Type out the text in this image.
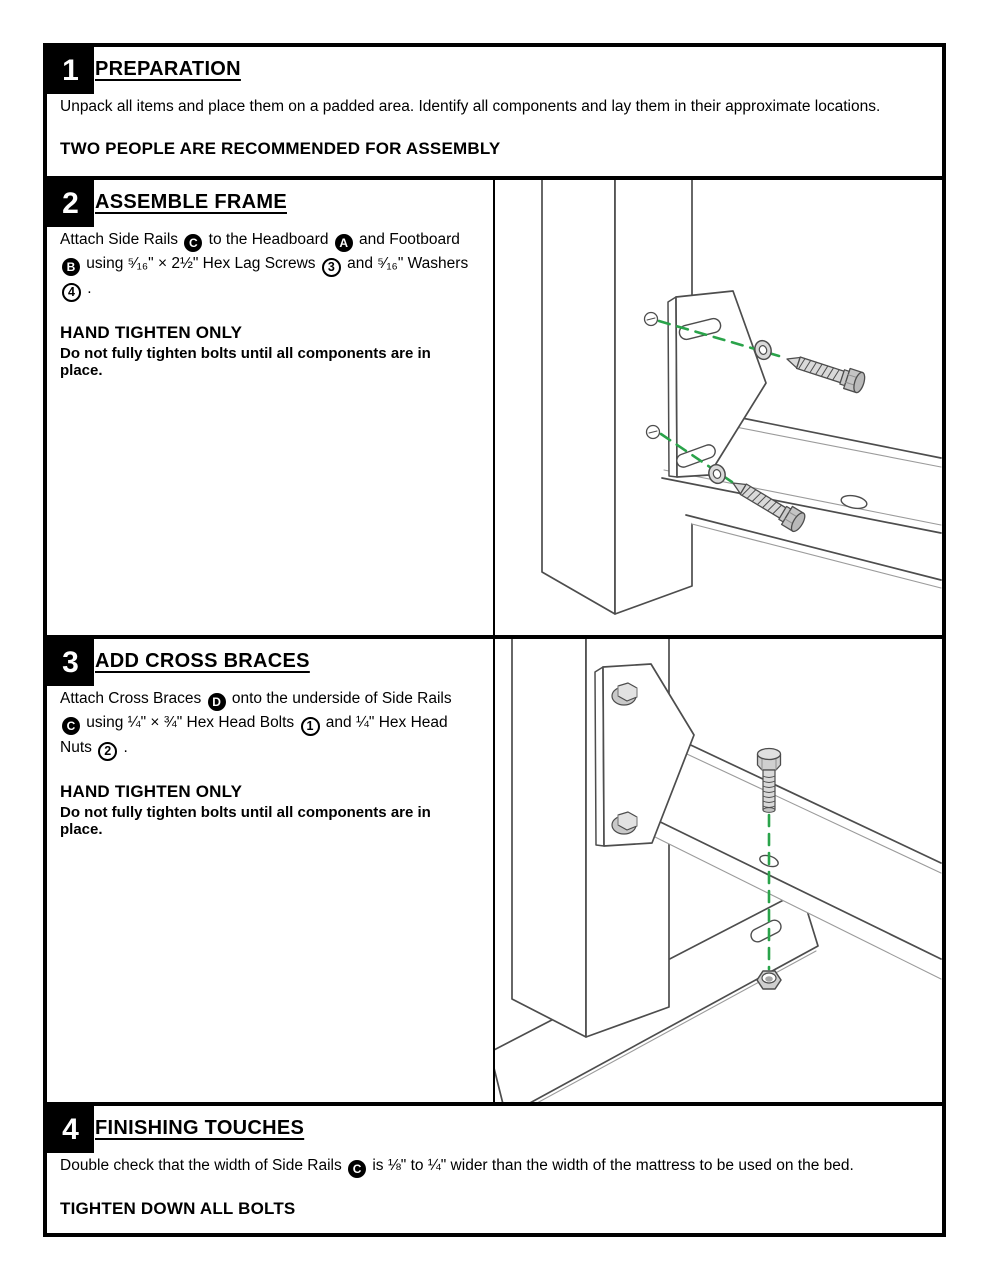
1 PREPARATION
Unpack all items and place them on a padded area. Identify all components and lay them in their approximate locations.
TWO PEOPLE ARE RECOMMENDED FOR ASSEMBLY
2 ASSEMBLE FRAME
Attach Side Rails C to the Headboard A and Footboard B using ⁵⁄₁₆" × 2½" Hex Lag Screws 3 and ⁵⁄₁₆" Washers 4 .
HAND TIGHTEN ONLY
Do not fully tighten bolts until all components are in place.
3 ADD CROSS BRACES
Attach Cross Braces D onto the underside of Side Rails C using ¼" × ¾" Hex Head Bolts 1 and ¼" Hex Head Nuts 2 .
HAND TIGHTEN ONLY
Do not fully tighten bolts until all components are in place.
4 FINISHING TOUCHES
Double check that the width of Side Rails C is ⅛" to ¼" wider than the width of the mattress to be used on the bed.
TIGHTEN DOWN ALL BOLTS
